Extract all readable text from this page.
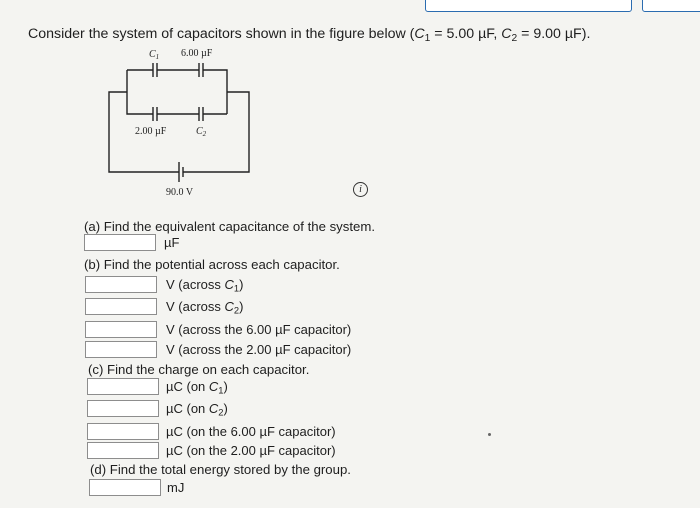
Consider the system of capacitors shown in the figure below ($C_1 = 5.00$ µF, $C_2 = 9.00$ µF).
$C_1$ 6.00 µF
2.00 µF	$C_2$
90.0 V	i
(a) Find the equivalent capacitance of the system.
µF
(b) Find the potential across each capacitor.
V (across $C_1$)
V (across $C_2$)
V (across the 6.00 µF capacitor)
V (across the 2.00 µF capacitor)
(c) Find the charge on each capacitor.
µC (on $C_1$)
µC (on $C_2$)
µC (on the 6.00 µF capacitor)
µC (on the 2.00 µF capacitor)
(d) Find the total energy stored by the group.
mJ
